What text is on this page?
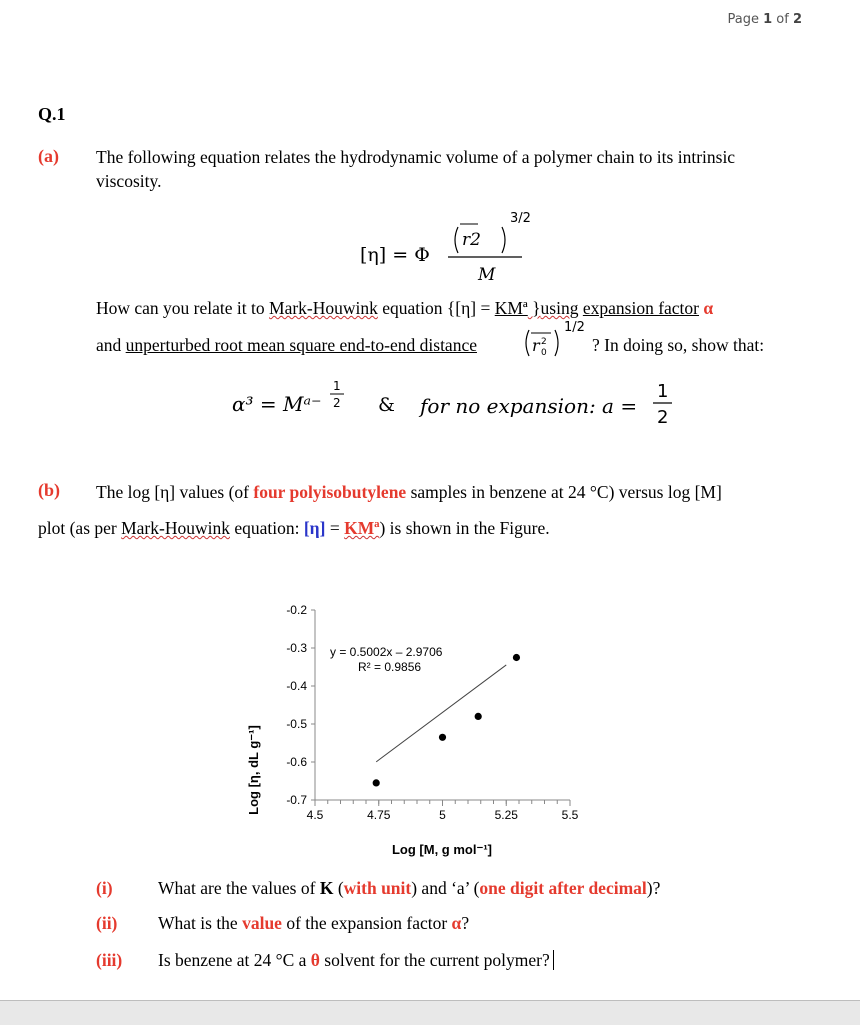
Page 1 of 2
Q.1
(a) The following equation relates the hydrodynamic volume of a polymer chain to its intrinsic
viscosity.
[η] = Φ
r2
3/2
M
How can you relate it to Mark-Houwink equation {[η] = KMª }using expansion factor α
and unperturbed root mean square end-to-end distance	r 2
0
1/2
? In doing so, show that:
α³ = Mᵃ⁻
1
2 & for no expansion: a =
1
2
(b) The log [η] values (of four polyisobutylene samples in benzene at 24 °C) versus log [M]
plot (as per Mark-Houwink equation: [η] = KMª) is shown in the Figure.
-0.2
-0.3
-0.4
-0.5
-0.6
-0.7
4.5	4.75	5	5.25	5.5
y = 0.5002x – 2.9706
R² = 0.9856
Log [η, dL g⁻¹]
Log [M, g mol⁻¹]
(i)	What are the values of K (with unit) and ‘a’ (one digit after decimal)?
(ii) What is the value of the expansion factor α?
(iii) Is benzene at 24 °C a θ solvent for the current polymer?
